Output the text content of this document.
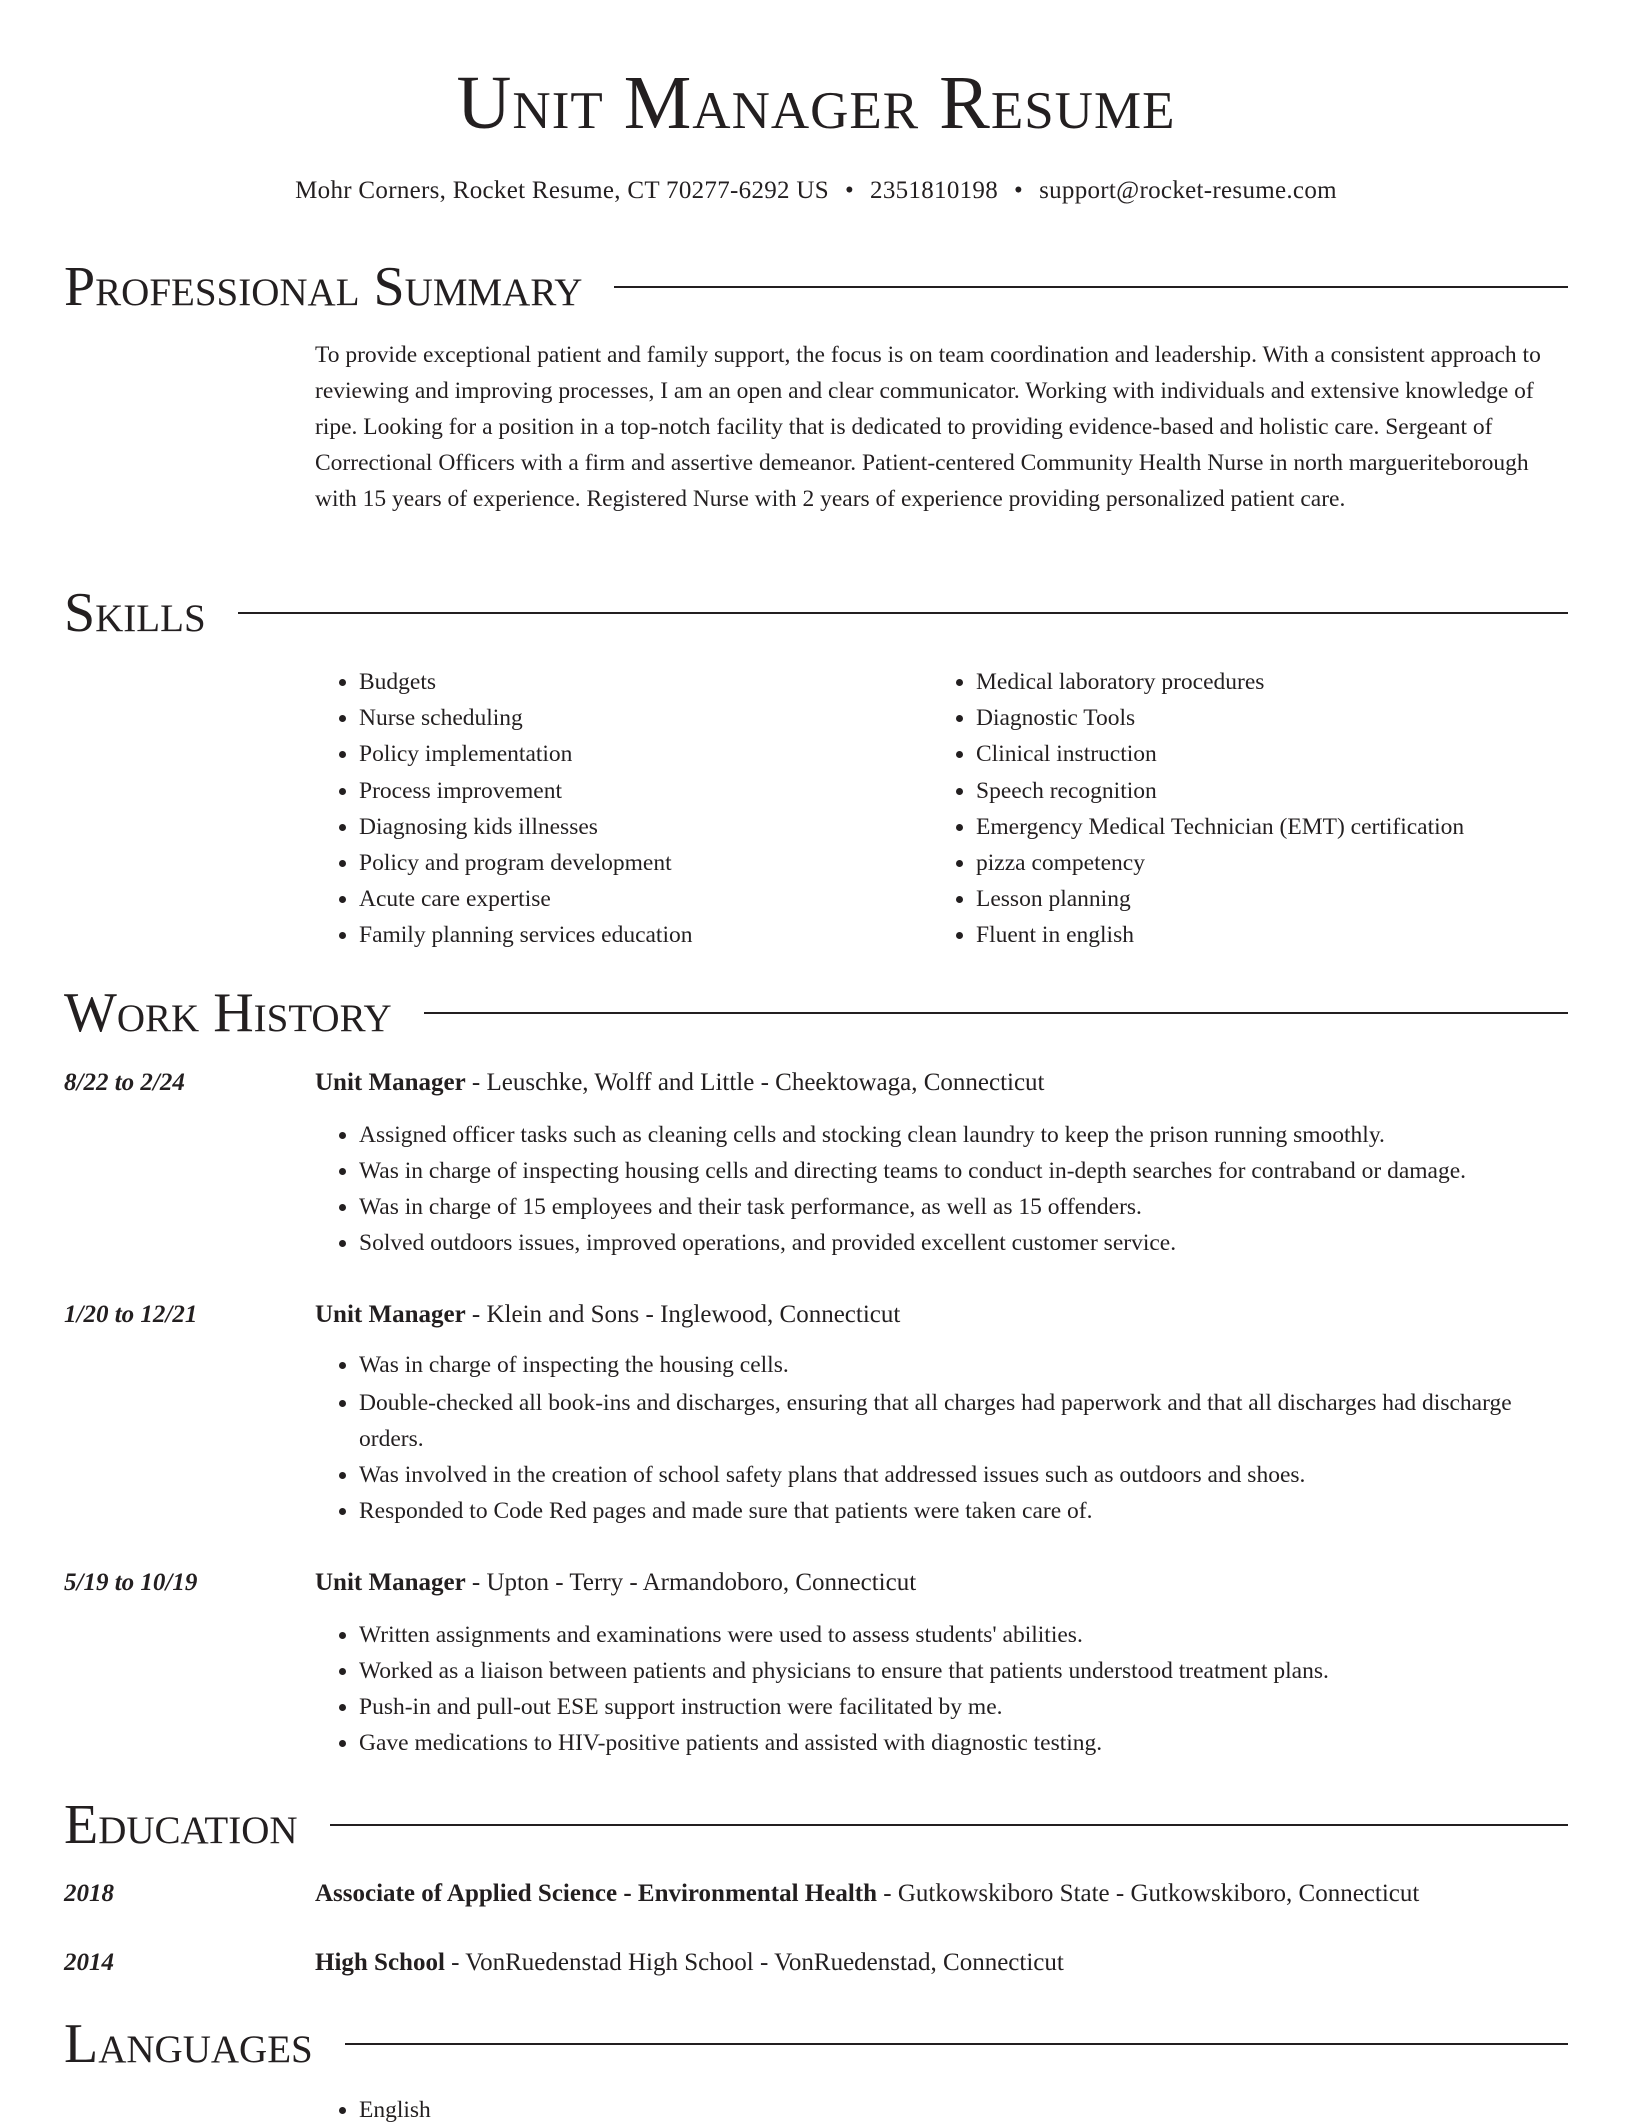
Unit Manager Resume
Mohr Corners, Rocket Resume, CT 70277-6292 US • 2351810198 • support@rocket-resume.com
Professional Summary

To provide exceptional patient and family support, the focus is on team coordination and leadership. With a consistent approach to reviewing and improving processes, I am an open and clear communicator. Working with individuals and extensive knowledge of ripe. Looking for a position in a top-notch facility that is dedicated to providing evidence-based and holistic care. Sergeant of Correctional Officers with a firm and assertive demeanor. Patient-centered Community Health Nurse in north margueriteborough with 15 years of experience. Registered Nurse with 2 years of experience providing personalized patient care.

Skills
• Budgets
• Nurse scheduling
• Policy implementation
• Process improvement
• Diagnosing kids illnesses
• Policy and program development
• Acute care expertise
• Family planning services education
• Medical laboratory procedures
• Diagnostic Tools
• Clinical instruction
• Speech recognition
• Emergency Medical Technician (EMT) certification
• pizza competency
• Lesson planning
• Fluent in english
Work History
8/22 to 2/24	Unit Manager - Leuschke, Wolff and Little - Cheektowaga, Connecticut
• Assigned officer tasks such as cleaning cells and stocking clean laundry to keep the prison running smoothly.
• Was in charge of inspecting housing cells and directing teams to conduct in-depth searches for contraband or damage.
• Was in charge of 15 employees and their task performance, as well as 15 offenders.
• Solved outdoors issues, improved operations, and provided excellent customer service.
1/20 to 12/21	Unit Manager - Klein and Sons - Inglewood, Connecticut
• Was in charge of inspecting the housing cells.
• Double-checked all book-ins and discharges, ensuring that all charges had paperwork and that all discharges had discharge orders.
• Was involved in the creation of school safety plans that addressed issues such as outdoors and shoes.
• Responded to Code Red pages and made sure that patients were taken care of.
5/19 to 10/19	Unit Manager - Upton - Terry - Armandoboro, Connecticut
• Written assignments and examinations were used to assess students' abilities.
• Worked as a liaison between patients and physicians to ensure that patients understood treatment plans.
• Push-in and pull-out ESE support instruction were facilitated by me.
• Gave medications to HIV-positive patients and assisted with diagnostic testing.
Education
2018	Associate of Applied Science - Environmental Health - Gutkowskiboro State - Gutkowskiboro, Connecticut
2014	High School - VonRuedenstad High School - VonRuedenstad, Connecticut
Languages
• English
